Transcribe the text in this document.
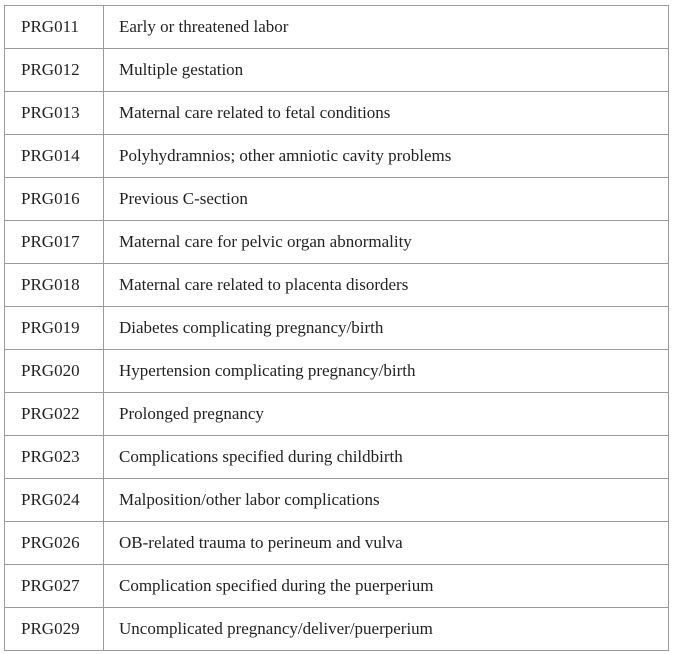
PRG011	Early or threatened labor
PRG012	Multiple gestation
PRG013	Maternal care related to fetal conditions
PRG014	Polyhydramnios; other amniotic cavity problems
PRG016	Previous C-section
PRG017	Maternal care for pelvic organ abnormality
PRG018	Maternal care related to placenta disorders
PRG019	Diabetes complicating pregnancy/birth
PRG020	Hypertension complicating pregnancy/birth
PRG022	Prolonged pregnancy
PRG023	Complications specified during childbirth
PRG024	Malposition/other labor complications
PRG026	OB-related trauma to perineum and vulva
PRG027	Complication specified during the puerperium
PRG029	Uncomplicated pregnancy/deliver/puerperium
